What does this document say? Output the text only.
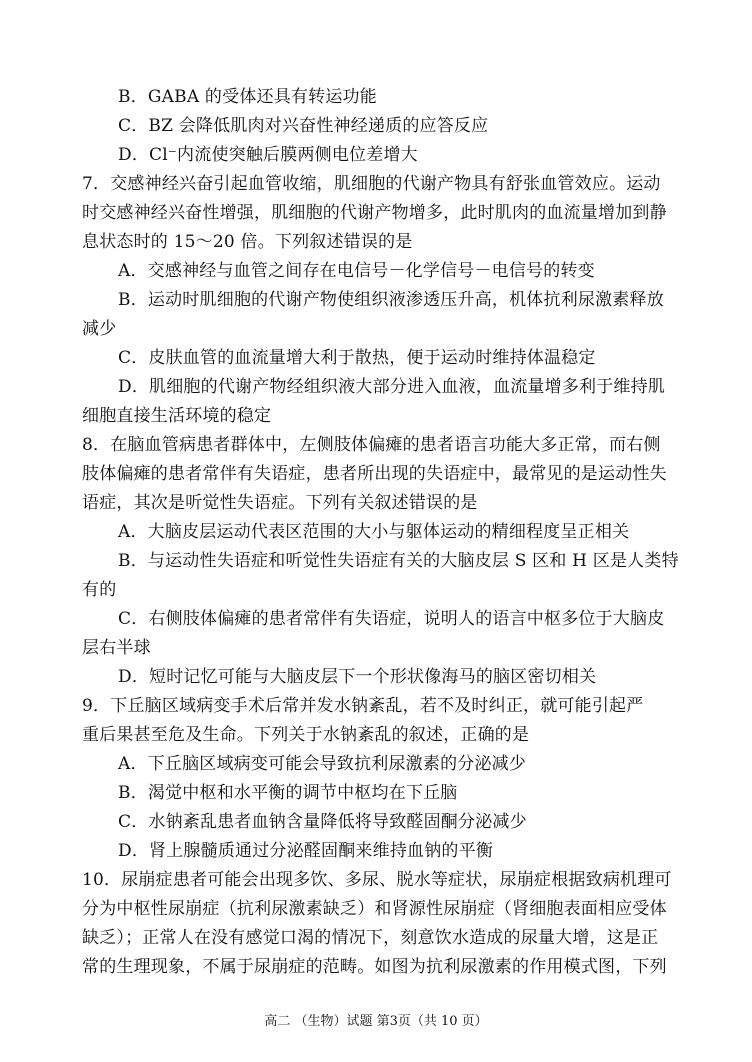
B．GABA 的受体还具有转运功能
C．BZ 会降低肌肉对兴奋性神经递质的应答反应
D．Cl⁻内流使突触后膜两侧电位差增大
7．交感神经兴奋引起血管收缩，肌细胞的代谢产物具有舒张血管效应。运动
时交感神经兴奋性增强，肌细胞的代谢产物增多，此时肌肉的血流量增加到静
息状态时的 15～20 倍。下列叙述错误的是
A．交感神经与血管之间存在电信号－化学信号－电信号的转变
B．运动时肌细胞的代谢产物使组织液渗透压升高，机体抗利尿激素释放
减少
C．皮肤血管的血流量增大利于散热，便于运动时维持体温稳定
D．肌细胞的代谢产物经组织液大部分进入血液，血流量增多利于维持肌
细胞直接生活环境的稳定
8．在脑血管病患者群体中，左侧肢体偏瘫的患者语言功能大多正常，而右侧
肢体偏瘫的患者常伴有失语症，患者所出现的失语症中，最常见的是运动性失
语症，其次是听觉性失语症。下列有关叙述错误的是
A．大脑皮层运动代表区范围的大小与躯体运动的精细程度呈正相关
B．与运动性失语症和听觉性失语症有关的大脑皮层 S 区和 H 区是人类特
有的
C．右侧肢体偏瘫的患者常伴有失语症，说明人的语言中枢多位于大脑皮
层右半球
D．短时记忆可能与大脑皮层下一个形状像海马的脑区密切相关
9．下丘脑区域病变手术后常并发水钠紊乱，若不及时纠正，就可能引起严
重后果甚至危及生命。下列关于水钠紊乱的叙述，正确的是
A．下丘脑区域病变可能会导致抗利尿激素的分泌减少
B．渴觉中枢和水平衡的调节中枢均在下丘脑
C．水钠紊乱患者血钠含量降低将导致醛固酮分泌减少
D．肾上腺髓质通过分泌醛固酮来维持血钠的平衡
10．尿崩症患者可能会出现多饮、多尿、脱水等症状，尿崩症根据致病机理可
分为中枢性尿崩症（抗利尿激素缺乏）和肾源性尿崩症（肾细胞表面相应受体
缺乏）；正常人在没有感觉口渴的情况下，刻意饮水造成的尿量大增，这是正
常的生理现象，不属于尿崩症的范畴。如图为抗利尿激素的作用模式图，下列
高二 （生物）试题 第3页（共 10 页）
